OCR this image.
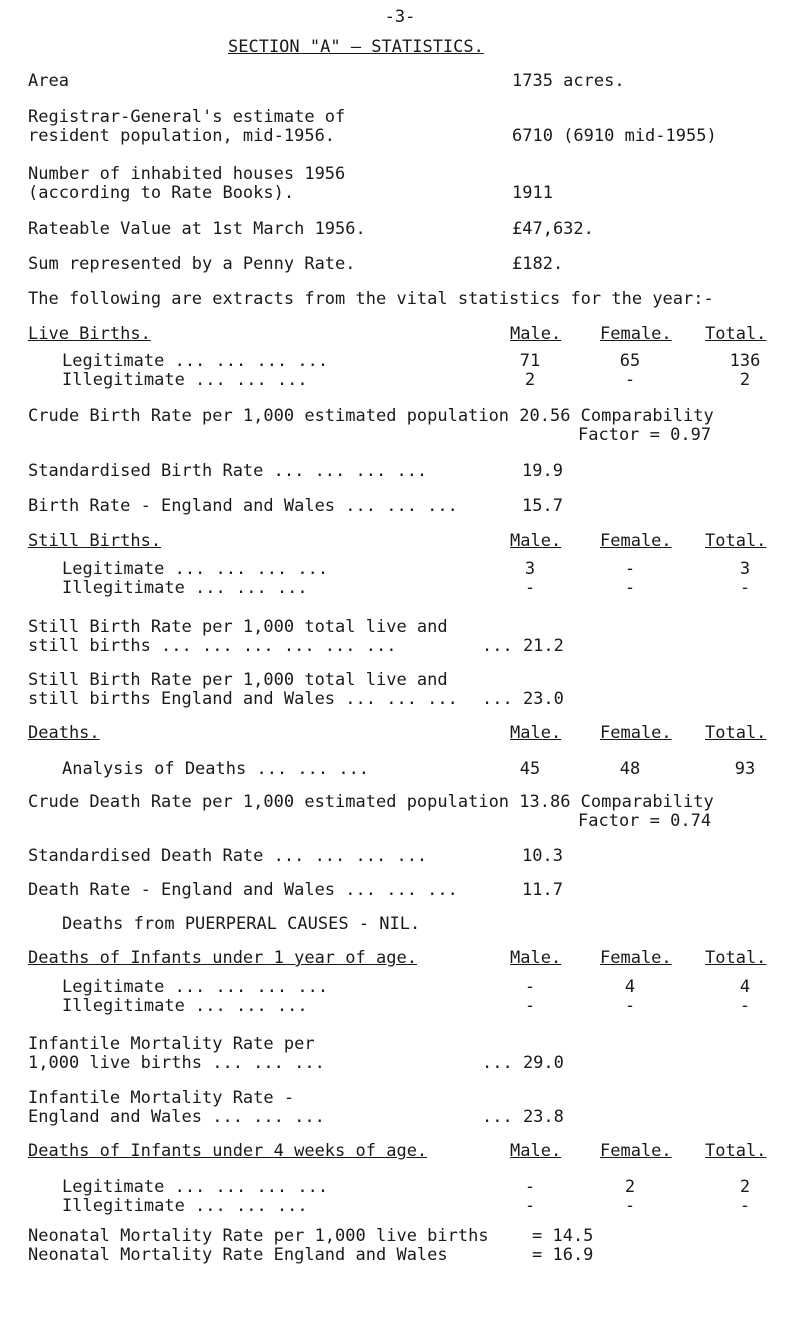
-3-
SECTION "A" – STATISTICS.
Area	1735 acres.
Registrar-General's estimate of
resident population, mid-1956.	6710 (6910 mid-1955)
Number of inhabited houses 1956
(according to Rate Books).	1911
Rateable Value at 1st March 1956.	£47,632.
Sum represented by a Penny Rate.	£182.
The following are extracts from the vital statistics for the year:-
Live Births.	Male. Female. Total.
Legitimate ... ... ... ...	71	65	136
Illegitimate ... ... ...	2	-	2
Crude Birth Rate per 1,000 estimated population 20.56 Comparability
Factor = 0.97
Standardised Birth Rate ... ... ... ...	19.9
Birth Rate - England and Wales ... ... ...	15.7
Still Births.	Male. Female. Total.
Legitimate ... ... ... ...	3	-	3
Illegitimate ... ... ...	-	-	-
Still Birth Rate per 1,000 total live and
still births ... ... ... ... ... ...	... 21.2
Still Birth Rate per 1,000 total live and
still births England and Wales ... ... ... ... 23.0
Deaths.	Male. Female. Total.
Analysis of Deaths ... ... ...	45	48	93
Crude Death Rate per 1,000 estimated population 13.86 Comparability
Factor = 0.74
Standardised Death Rate ... ... ... ...	10.3
Death Rate - England and Wales ... ... ...	11.7
Deaths from PUERPERAL CAUSES - NIL.
Deaths of Infants under 1 year of age.	Male. Female. Total.
Legitimate ... ... ... ...	-	4	4
Illegitimate ... ... ...	-	-	-
Infantile Mortality Rate per
1,000 live births ... ... ...	... 29.0
Infantile Mortality Rate -
England and Wales ... ... ...	... 23.8
Deaths of Infants under 4 weeks of age.	Male. Female. Total.
Legitimate ... ... ... ...	-	2	2
Illegitimate ... ... ...	-	-	-
Neonatal Mortality Rate per 1,000 live births	= 14.5
Neonatal Mortality Rate England and Wales	= 16.9
